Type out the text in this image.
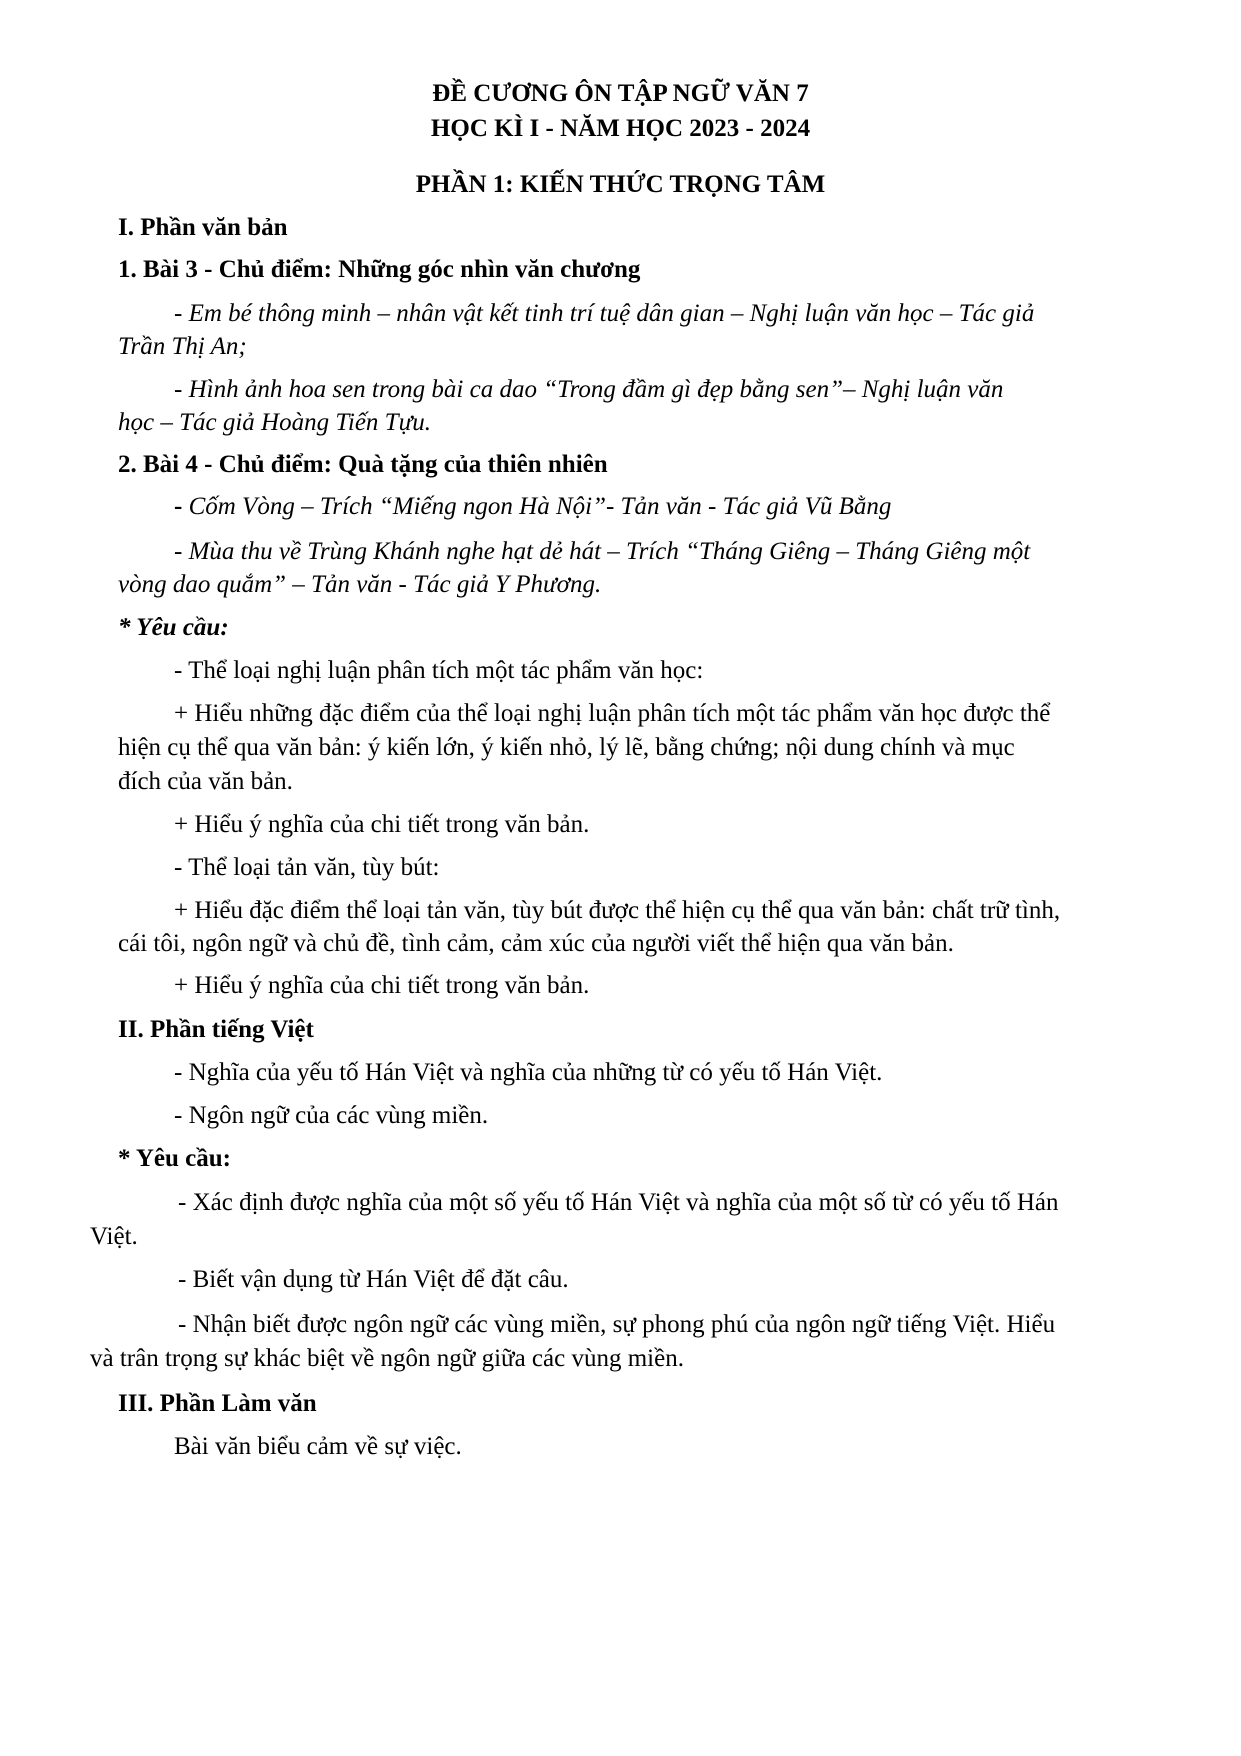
ĐỀ CƯƠNG ÔN TẬP NGỮ VĂN 7
HỌC KÌ I - NĂM HỌC 2023 - 2024
PHẦN 1: KIẾN THỨC TRỌNG TÂM
I. Phần văn bản
1. Bài 3 - Chủ điểm: Những góc nhìn văn chương
- Em bé thông minh – nhân vật kết tinh trí tuệ dân gian – Nghị luận văn học – Tác giả
Trần Thị An;
- Hình ảnh hoa sen trong bài ca dao “Trong đầm gì đẹp bằng sen”– Nghị luận văn
học – Tác giả Hoàng Tiến Tựu.
2. Bài 4 - Chủ điểm: Quà tặng của thiên nhiên
- Cốm Vòng – Trích “Miếng ngon Hà Nội”- Tản văn - Tác giả Vũ Bằng
- Mùa thu về Trùng Khánh nghe hạt dẻ hát – Trích “Tháng Giêng – Tháng Giêng một
vòng dao quắm” – Tản văn - Tác giả Y Phương.
* Yêu cầu:
- Thể loại nghị luận phân tích một tác phẩm văn học:
+ Hiểu những đặc điểm của thể loại nghị luận phân tích một tác phẩm văn học được thể
hiện cụ thể qua văn bản: ý kiến lớn, ý kiến nhỏ, lý lẽ, bằng chứng; nội dung chính và mục
đích của văn bản.
+ Hiểu ý nghĩa của chi tiết trong văn bản.
- Thể loại tản văn, tùy bút:
+ Hiểu đặc điểm thể loại tản văn, tùy bút được thể hiện cụ thể qua văn bản: chất trữ tình,
cái tôi, ngôn ngữ và chủ đề, tình cảm, cảm xúc của người viết thể hiện qua văn bản.
+ Hiểu ý nghĩa của chi tiết trong văn bản.
II. Phần tiếng Việt
- Nghĩa của yếu tố Hán Việt và nghĩa của những từ có yếu tố Hán Việt.
- Ngôn ngữ của các vùng miền.
* Yêu cầu:
- Xác định được nghĩa của một số yếu tố Hán Việt và nghĩa của một số từ có yếu tố Hán
Việt.
- Biết vận dụng từ Hán Việt để đặt câu.
- Nhận biết được ngôn ngữ các vùng miền, sự phong phú của ngôn ngữ tiếng Việt. Hiểu
và trân trọng sự khác biệt về ngôn ngữ giữa các vùng miền.
III. Phần Làm văn
Bài văn biểu cảm về sự việc.
